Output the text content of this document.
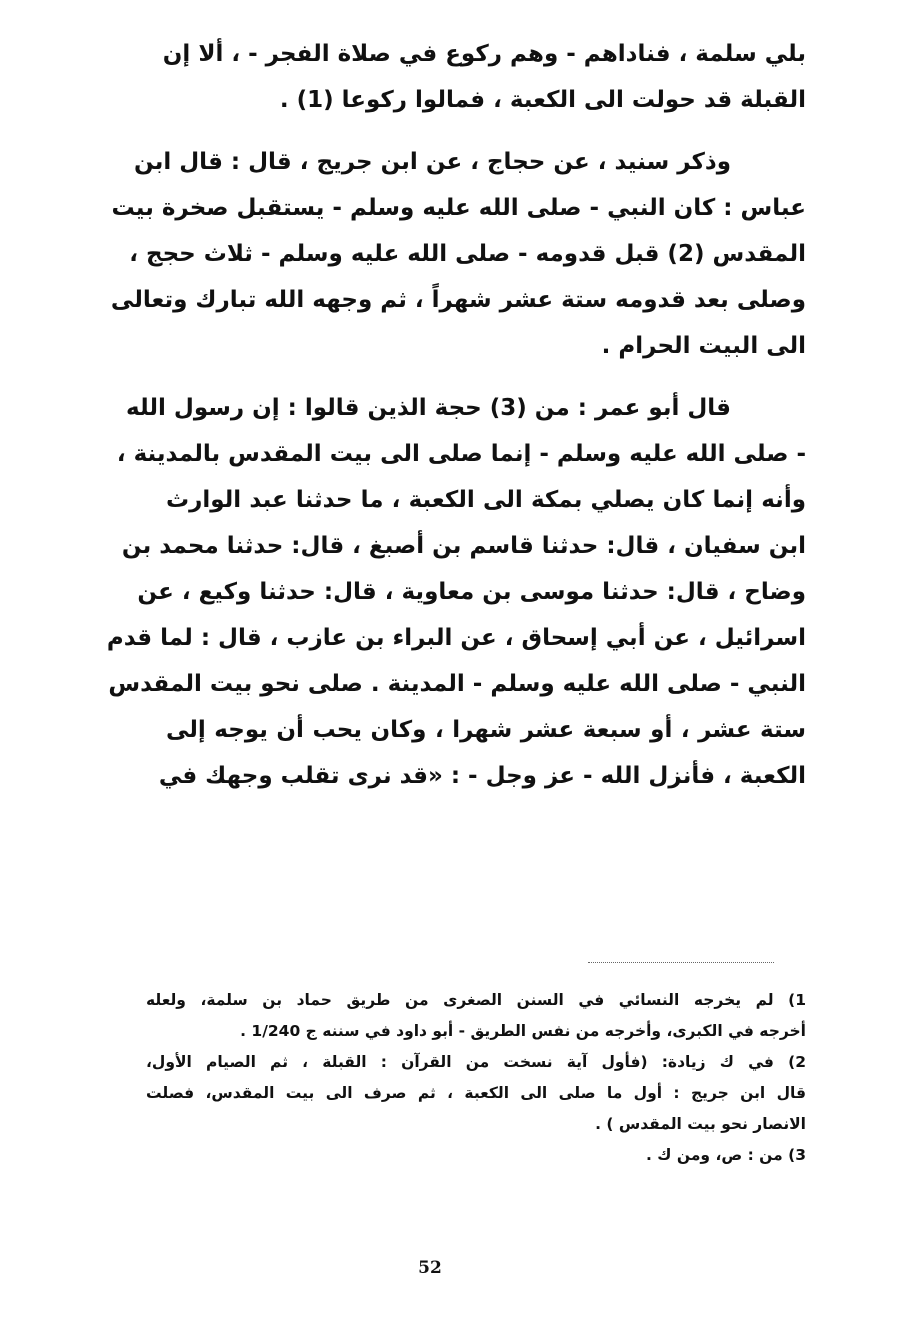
بلي سلمة ، فناداهم - وهم ركوع في صلاة الفجر - ، ألا إن
القبلة قد حولت الى الكعبة ، فمالوا ركوعا (1) .
وذكر سنيد ، عن حجاج ، عن ابن جريج ، قال : قال ابن
عباس : كان النبي - صلى الله عليه وسلم - يستقبل صخرة بيت
المقدس (2) قبل قدومه - صلى الله عليه وسلم - ثلاث حجج ،
وصلى بعد قدومه ستة عشر شهراً ، ثم وجهه الله تبارك وتعالى
الى البيت الحرام .
قال أبو عمر : من (3) حجة الذين قالوا : إن رسول الله
- صلى الله عليه وسلم - إنما صلى الى بيت المقدس بالمدينة ،
وأنه إنما كان يصلي بمكة الى الكعبة ، ما حدثنا عبد الوارث
ابن سفيان ، قال: حدثنا قاسم بن أصبغ ، قال: حدثنا محمد بن
وضاح ، قال: حدثنا موسى بن معاوية ، قال: حدثنا وكيع ، عن
اسرائيل ، عن أبي إسحاق ، عن البراء بن عازب ، قال : لما قدم
النبي - صلى الله عليه وسلم - المدينة . صلى نحو بيت المقدس
ستة عشر ، أو سبعة عشر شهرا ، وكان يحب أن يوجه إلى
الكعبة ، فأنزل الله - عز وجل - : «قد نرى تقلب وجهك في
1) لم يخرجه النسائي في السنن الصغرى من طريق حماد بن سلمة، ولعله
أخرجه في الكبرى، وأخرجه من نفس الطريق - أبو داود في سننه ج 1/240 .
2) في ك زيادة: (فأول آية نسخت من القرآن : القبلة ، ثم الصيام الأول،
قال ابن جريج : أول ما صلى الى الكعبة ، ثم صرف الى بيت المقدس، فصلت
الانصار نحو بيت المقدس ) .
3) من : ص، ومن ك .
52
